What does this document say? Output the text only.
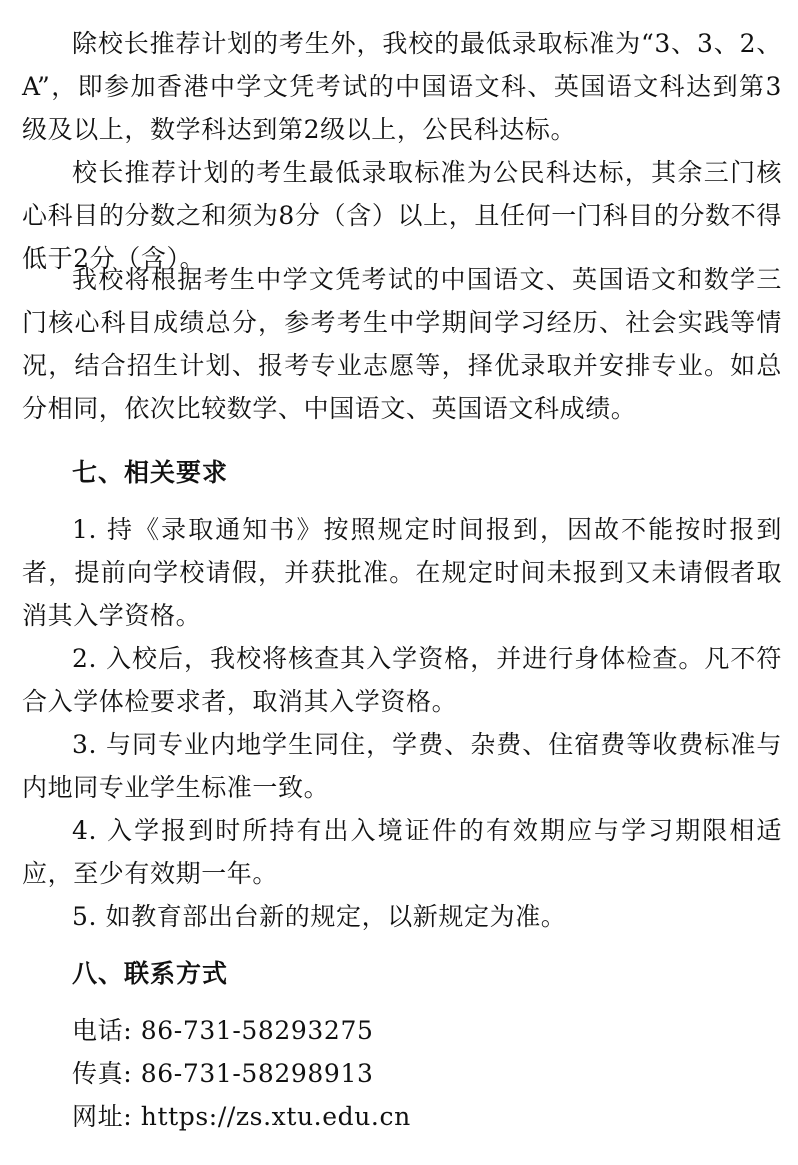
除校长推荐计划的考生外，我校的最低录取标准为“3、3、2、A”，即参加香港中学文凭考试的中国语文科、英国语文科达到第3级及以上，数学科达到第2级以上，公民科达标。

校长推荐计划的考生最低录取标准为公民科达标，其余三门核心科目的分数之和须为8分（含）以上，且任何一门科目的分数不得低于2分（含）。

我校将根据考生中学文凭考试的中国语文、英国语文和数学三门核心科目成绩总分，参考考生中学期间学习经历、社会实践等情况，结合招生计划、报考专业志愿等，择优录取并安排专业。如总分相同，依次比较数学、中国语文、英国语文科成绩。

七、相关要求

1. 持《录取通知书》按照规定时间报到，因故不能按时报到者，提前向学校请假，并获批准。在规定时间未报到又未请假者取消其入学资格。

2. 入校后，我校将核查其入学资格，并进行身体检查。凡不符合入学体检要求者，取消其入学资格。

3. 与同专业内地学生同住，学费、杂费、住宿费等收费标准与内地同专业学生标准一致。

4. 入学报到时所持有出入境证件的有效期应与学习期限相适应，至少有效期一年。

5. 如教育部出台新的规定，以新规定为准。

八、联系方式

电话: 86-731-58293275

传真: 86-731-58298913

网址: https://zs.xtu.edu.cn
